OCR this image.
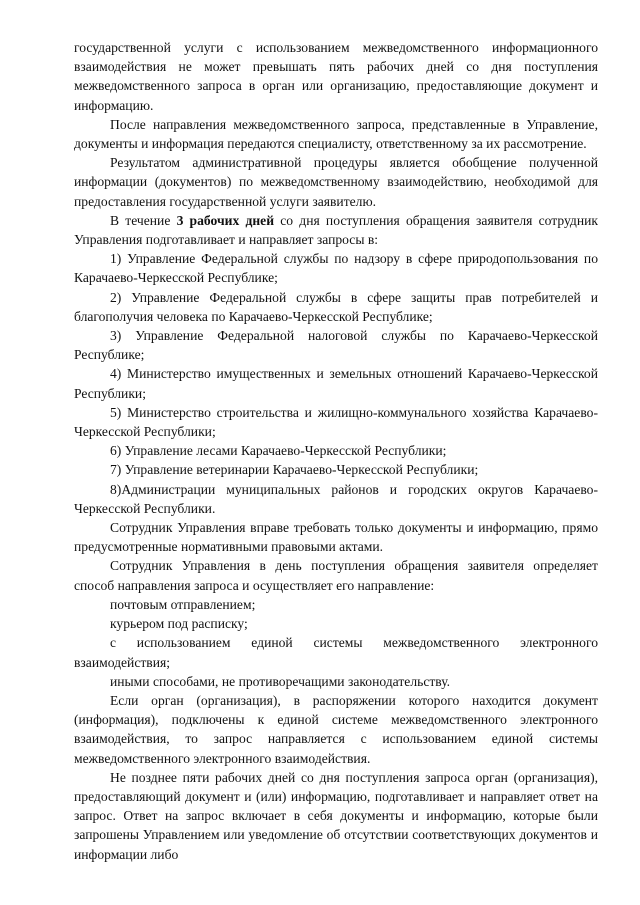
государственной услуги с использованием межведомственного информационного взаимодействия не может превышать пять рабочих дней со дня поступления межведомственного запроса в орган или организацию, предоставляющие документ и информацию.

После направления межведомственного запроса, представленные в Управление, документы и информация передаются специалисту, ответственному за их рассмотрение.

Результатом административной процедуры является обобщение полученной информации (документов) по межведомственному взаимодействию, необходимой для предоставления государственной услуги заявителю.

В течение 3 рабочих дней со дня поступления обращения заявителя сотрудник Управления подготавливает и направляет запросы в:

1) Управление Федеральной службы по надзору в сфере природопользования по Карачаево-Черкесской Республике;

2) Управление Федеральной службы в сфере защиты прав потребителей и благополучия человека по Карачаево-Черкесской Республике;

3) Управление Федеральной налоговой службы по Карачаево-Черкесской Республике;

4) Министерство имущественных и земельных отношений Карачаево-Черкесской Республики;

5) Министерство строительства и жилищно-коммунального хозяйства Карачаево-Черкесской Республики;

6) Управление лесами Карачаево-Черкесской Республики;

7) Управление ветеринарии Карачаево-Черкесской Республики;

8)Администрации муниципальных районов и городских округов Карачаево-Черкесской Республики.

Сотрудник Управления вправе требовать только документы и информацию, прямо предусмотренные нормативными правовыми актами.

Сотрудник Управления в день поступления обращения заявителя определяет способ направления запроса и осуществляет его направление:

почтовым отправлением;

курьером под расписку;

с использованием единой системы межведомственного электронного взаимодействия;

иными способами, не противоречащими законодательству.

Если орган (организация), в распоряжении которого находится документ (информация), подключены к единой системе межведомственного электронного взаимодействия, то запрос направляется с использованием единой системы межведомственного электронного взаимодействия.

Не позднее пяти рабочих дней со дня поступления запроса орган (организация), предоставляющий документ и (или) информацию, подготавливает и направляет ответ на запрос. Ответ на запрос включает в себя документы и информацию, которые были запрошены Управлением или уведомление об отсутствии соответствующих документов и информации либо
